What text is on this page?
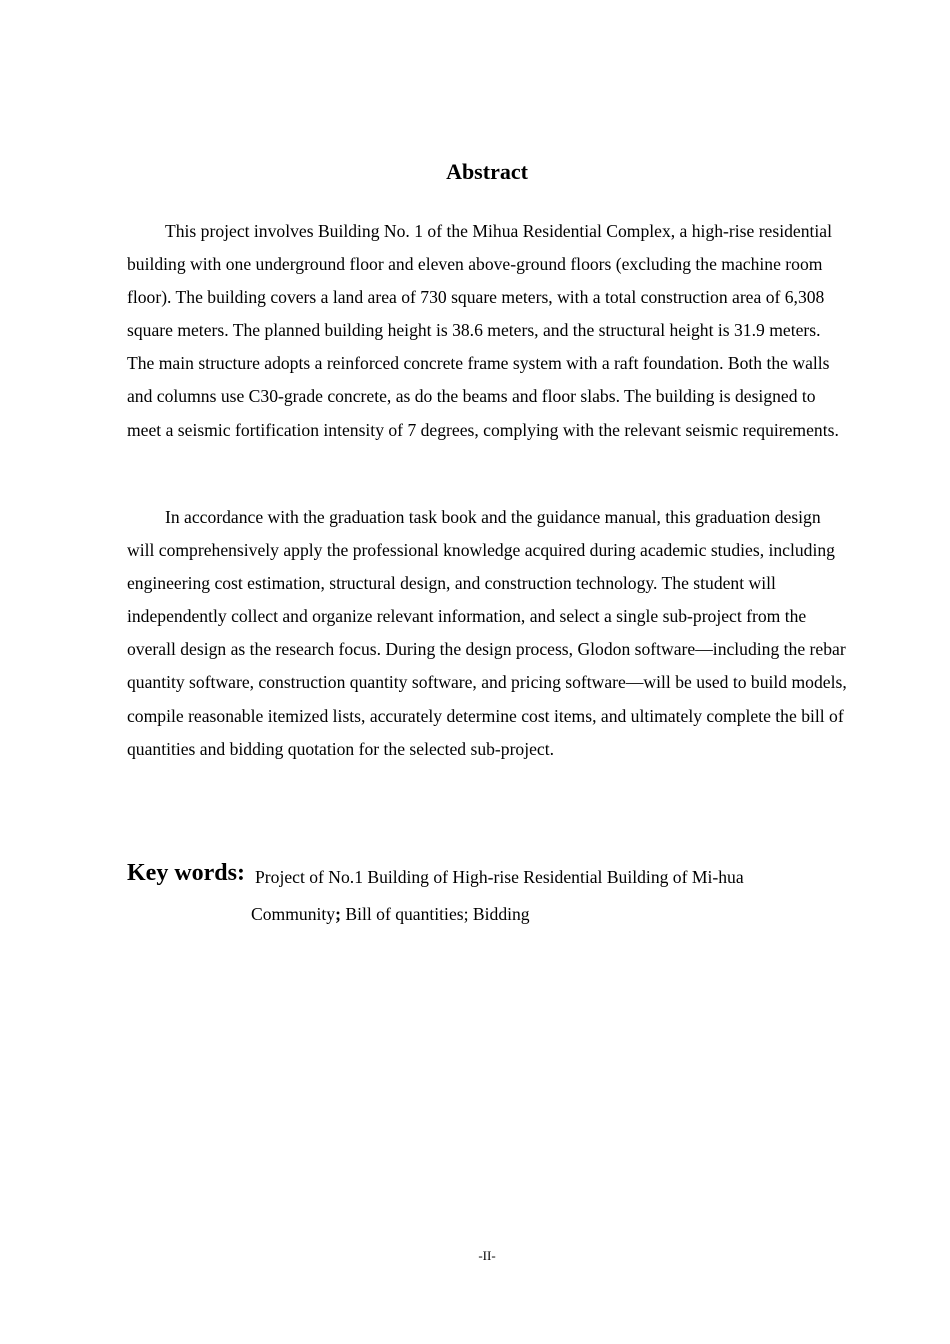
Abstract

This project involves Building No. 1 of the Mihua Residential Complex, a high-rise residential building with one underground floor and eleven above-ground floors (excluding the machine room floor). The building covers a land area of 730 square meters, with a total construction area of 6,308 square meters. The planned building height is 38.6 meters, and the structural height is 31.9 meters. The main structure adopts a reinforced concrete frame system with a raft foundation. Both the walls and columns use C30-grade concrete, as do the beams and floor slabs. The building is designed to meet a seismic fortification intensity of 7 degrees, complying with the relevant seismic requirements.

In accordance with the graduation task book and the guidance manual, this graduation design will comprehensively apply the professional knowledge acquired during academic studies, including engineering cost estimation, structural design, and construction technology. The student will independently collect and organize relevant information, and select a single sub-project from the overall design as the research focus. During the design process, Glodon software—including the rebar quantity software, construction quantity software, and pricing software—will be used to build models, compile reasonable itemized lists, accurately determine cost items, and ultimately complete the bill of quantities and bidding quotation for the selected sub-project.

Key words: Project of No.1 Building of High-rise Residential Building of Mi-hua Community; Bill of quantities; Bidding
-II-
